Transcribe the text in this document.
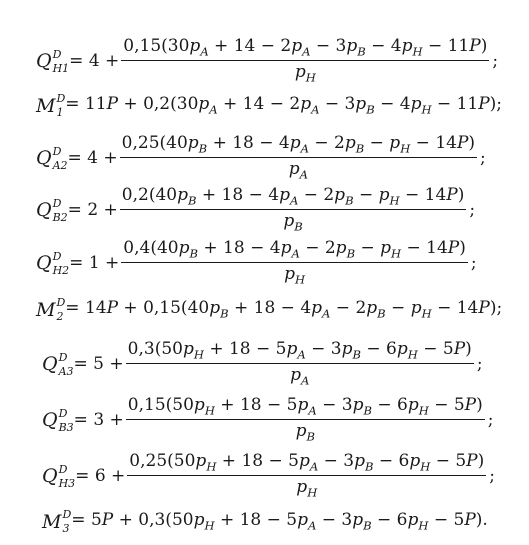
Q D
$H1 = 4 + \frac{0,15(30p_A + 14 - 2p_A - 3p_B - 4p_H - 11P)}{p_H}$ ;
M D
$1 = 11P + 0,2(30p_A + 14 - 2p_A - 3p_B - 4p_H - 11P)$;
Q D
$A2 = 4 + \frac{0,25(40p_B + 18 - 4p_A - 2p_B - p_H - 14P)}{p_A}$ ;
Q D
$B2 = 2 + \frac{0,2(40p_B + 18 - 4p_A - 2p_B - p_H - 14P)}{p_B}$ ;
Q D
$H2 = 1 + \frac{0,4(40p_B + 18 - 4p_A - 2p_B - p_H - 14P)}{p_H}$ ;
M D
$2 = 14P + 0,15(40p_B + 18 - 4p_A - 2p_B - p_H - 14P)$;
Q D
$A3 = 5 + \frac{0,3(50p_H + 18 - 5p_A - 3p_B - 6p_H - 5P)}{p_A}$ ;
Q D
$B3 = 3 + \frac{0,15(50p_H + 18 - 5p_A - 3p_B - 6p_H - 5P)}{p_B}$ ;
Q D
$H3 = 6 + \frac{0,25(50p_H + 18 - 5p_A - 3p_B - 6p_H - 5P)}{p_H}$ ;
M D
$3 = 5P + 0,3(50p_H + 18 - 5p_A - 3p_B - 6p_H - 5P)$.
